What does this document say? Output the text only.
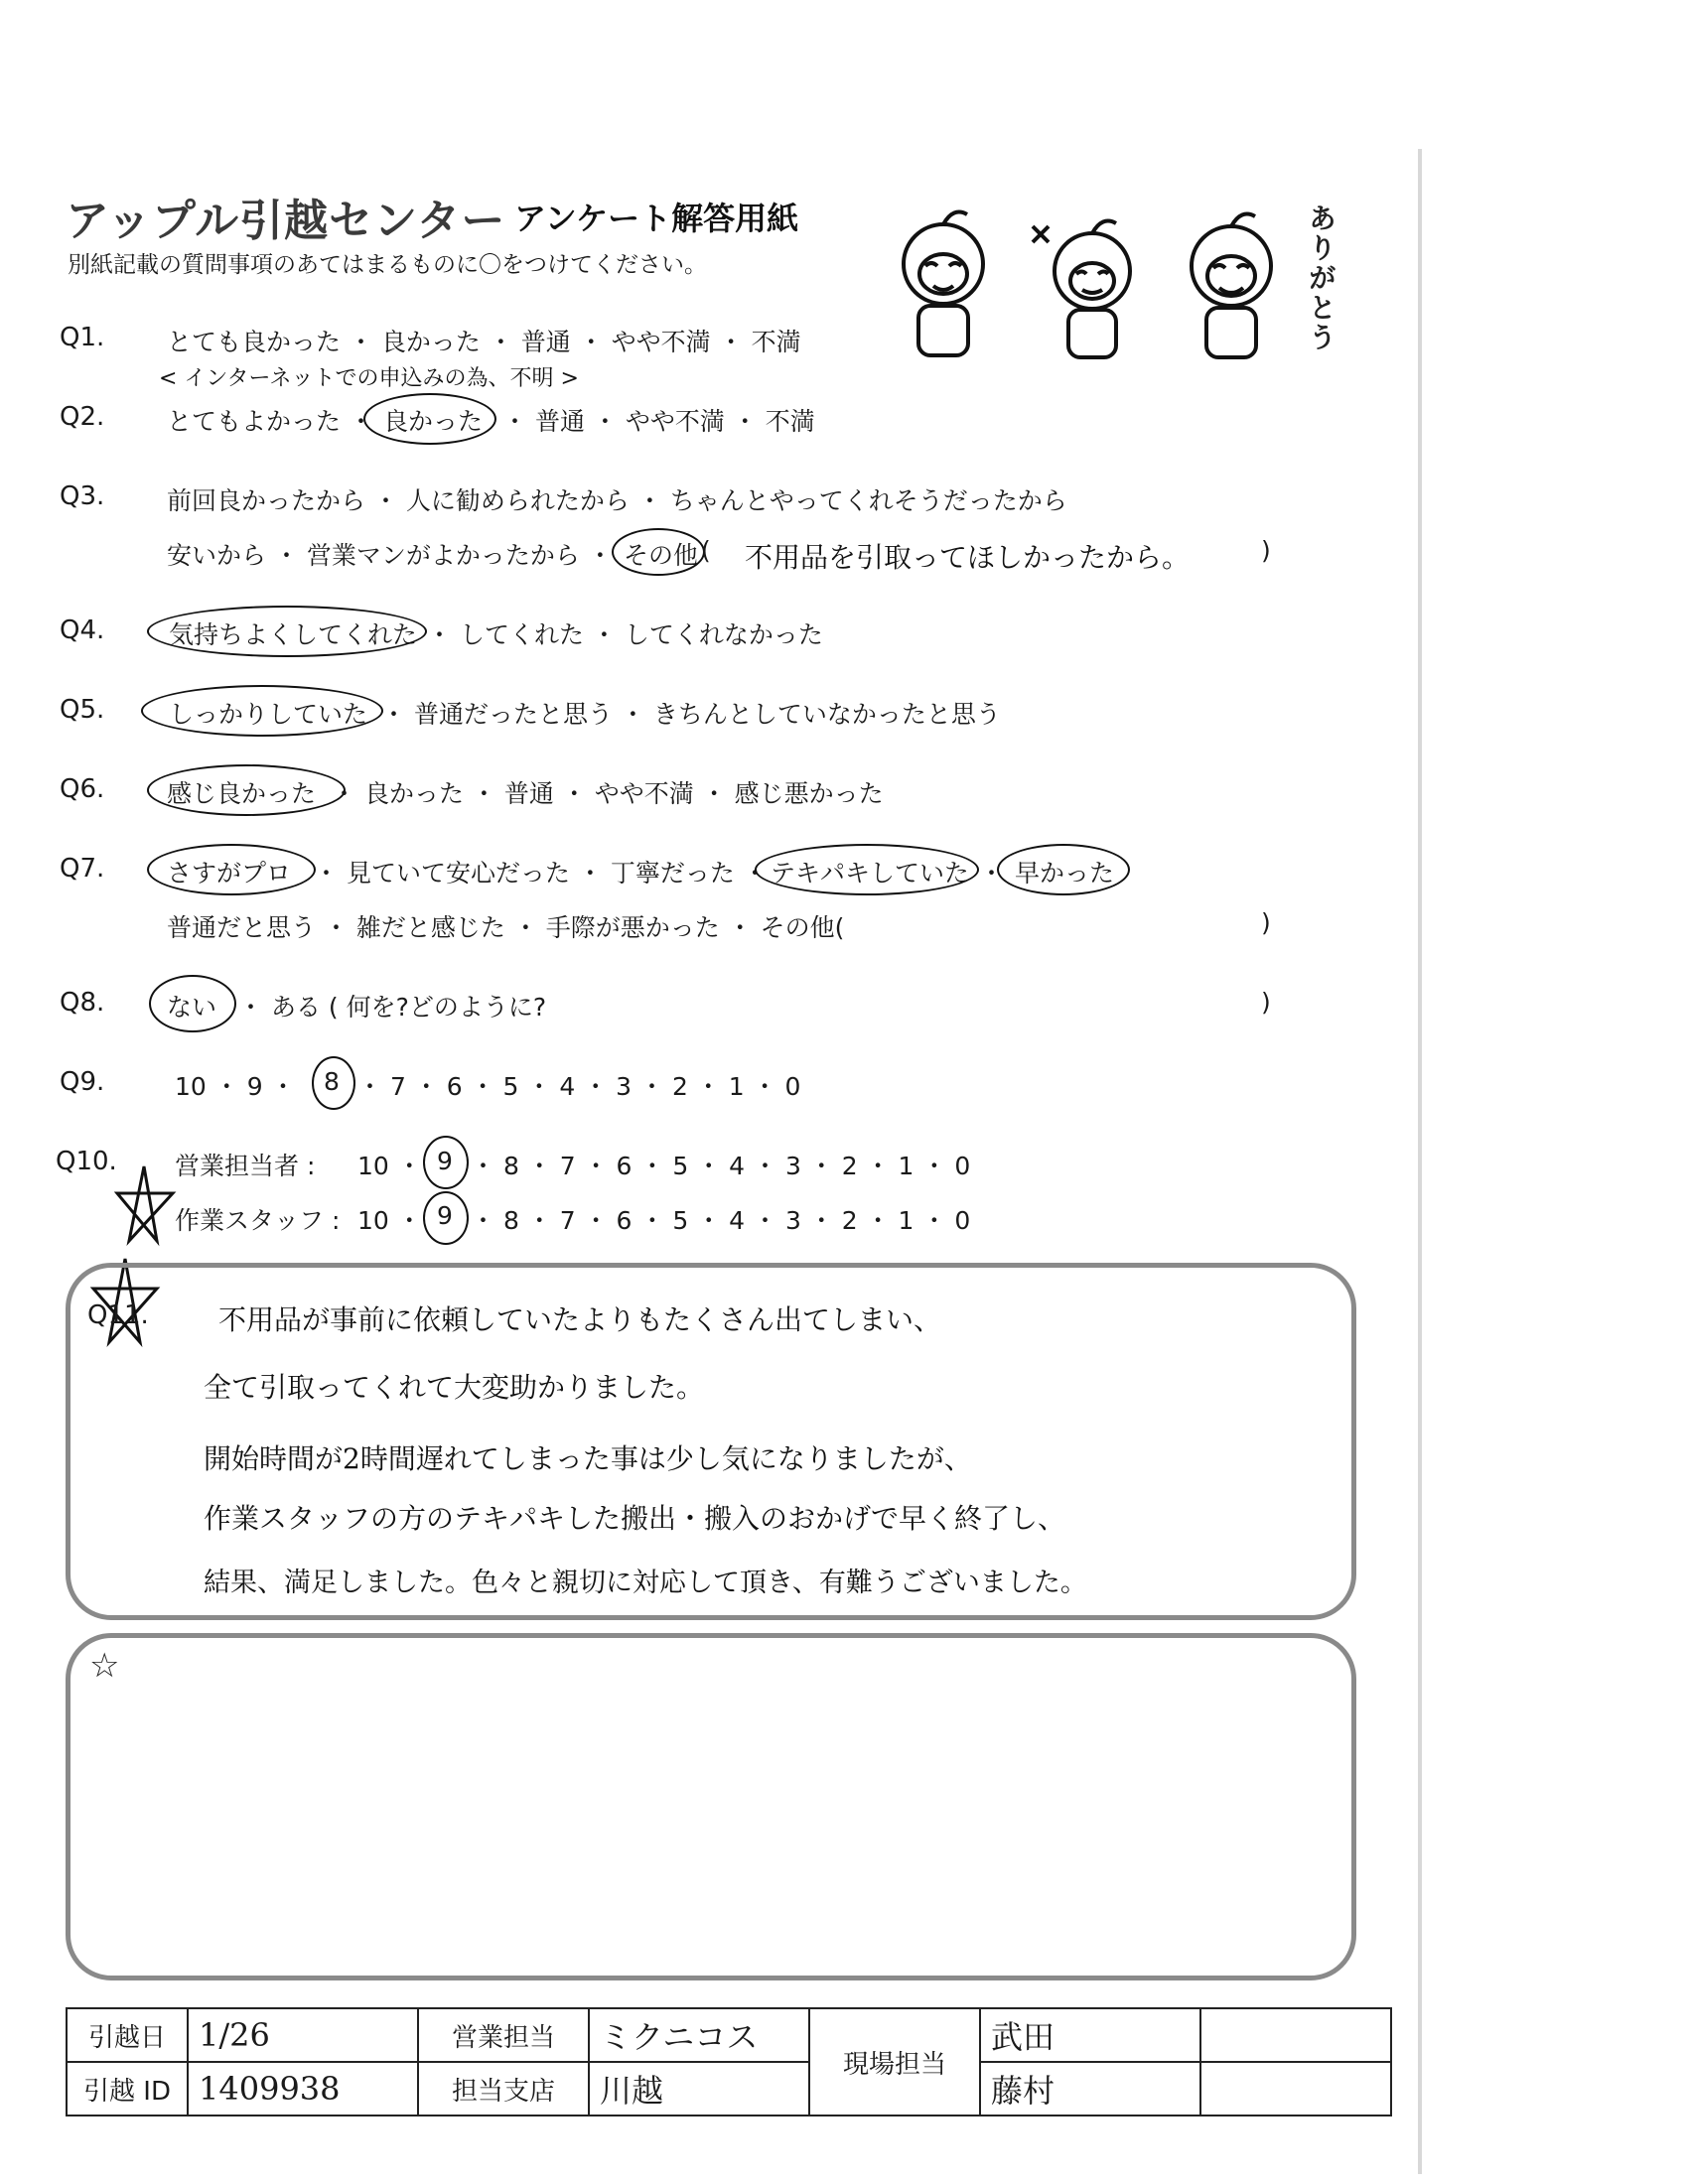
アップル引越センター アンケート解答用紙
別紙記載の質問事項のあてはまるものに〇をつけてください。	ありがとう
Q1.	とても良かった ・ 良かった ・ 普通 ・ やや不満 ・ 不満
< インターネットでの申込みの為、不明 >
Q2.	とてもよかった ・ 良かった ・ 普通 ・ やや不満 ・ 不満
Q3.	前回良かったから ・ 人に勧められたから ・ ちゃんとやってくれそうだったから
安いから ・ 営業マンがよかったから ・ その他 ( 不用品を引取ってほしかったから。	)
Q4.	気持ちよくしてくれた ・ してくれた ・ してくれなかった
Q5.	しっかりしていた ・ 普通だったと思う ・ きちんとしていなかったと思う
Q6.	感じ良かった ・ 良かった ・ 普通 ・ やや不満 ・ 感じ悪かった
Q7.	さすがプロ ・ 見ていて安心だった ・ 丁寧だった ・ テキパキしていた ・ 早かった
普通だと思う ・ 雑だと感じた ・ 手際が悪かった ・ その他(	)
Q8.	ない ・ ある ( 何を?どのように?	)
Q9.	10 ・ 9 ・ 8 ・ 7 ・ 6 ・ 5 ・ 4 ・ 3 ・ 2 ・ 1 ・ 0
Q10. 営業担当者 : 10 ・ 9 ・ 8 ・ 7 ・ 6 ・ 5 ・ 4 ・ 3 ・ 2 ・ 1 ・ 0
作業スタッフ : 10 ・ 9 ・ 8 ・ 7 ・ 6 ・ 5 ・ 4 ・ 3 ・ 2 ・ 1 ・ 0
Q11.	不用品が事前に依頼していたよりもたくさん出てしまい、
全て引取ってくれて大変助かりました。
開始時間が2時間遅れてしまった事は少し気になりましたが、
作業スタッフの方のテキパキした搬出・搬入のおかげで早く終了し、
結果、満足しました。色々と親切に対応して頂き、有難うございました。
☆
引越日	1/26	営業担当	ミクニコス	現場担当	武田	
引越 ID	1409938	担当支店	川越		藤村	
